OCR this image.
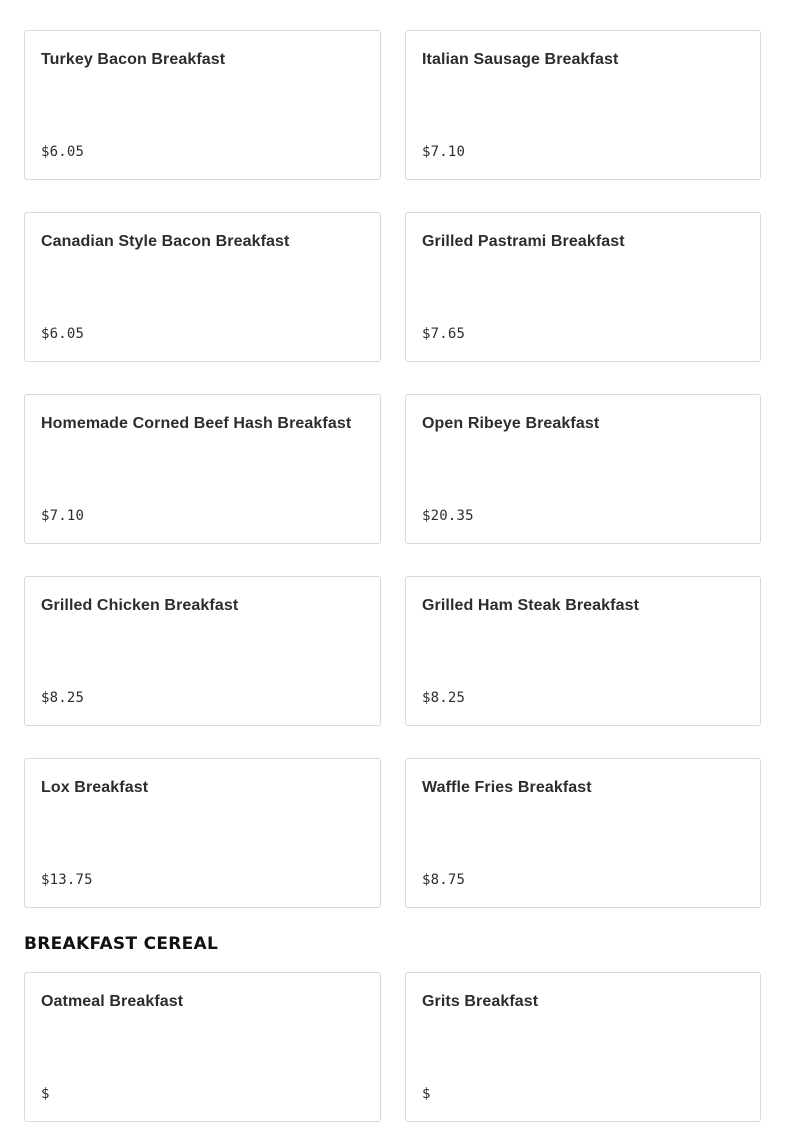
Turkey Bacon Breakfast
$6.05
Italian Sausage Breakfast
$7.10
Canadian Style Bacon Breakfast
$6.05
Grilled Pastrami Breakfast
$7.65
Homemade Corned Beef Hash Breakfast
$7.10
Open Ribeye Breakfast
$20.35
Grilled Chicken Breakfast
$8.25
Grilled Ham Steak Breakfast
$8.25
Lox Breakfast
$13.75
Waffle Fries Breakfast
$8.75
BREAKFAST CEREAL
Oatmeal Breakfast
$
Grits Breakfast
$
